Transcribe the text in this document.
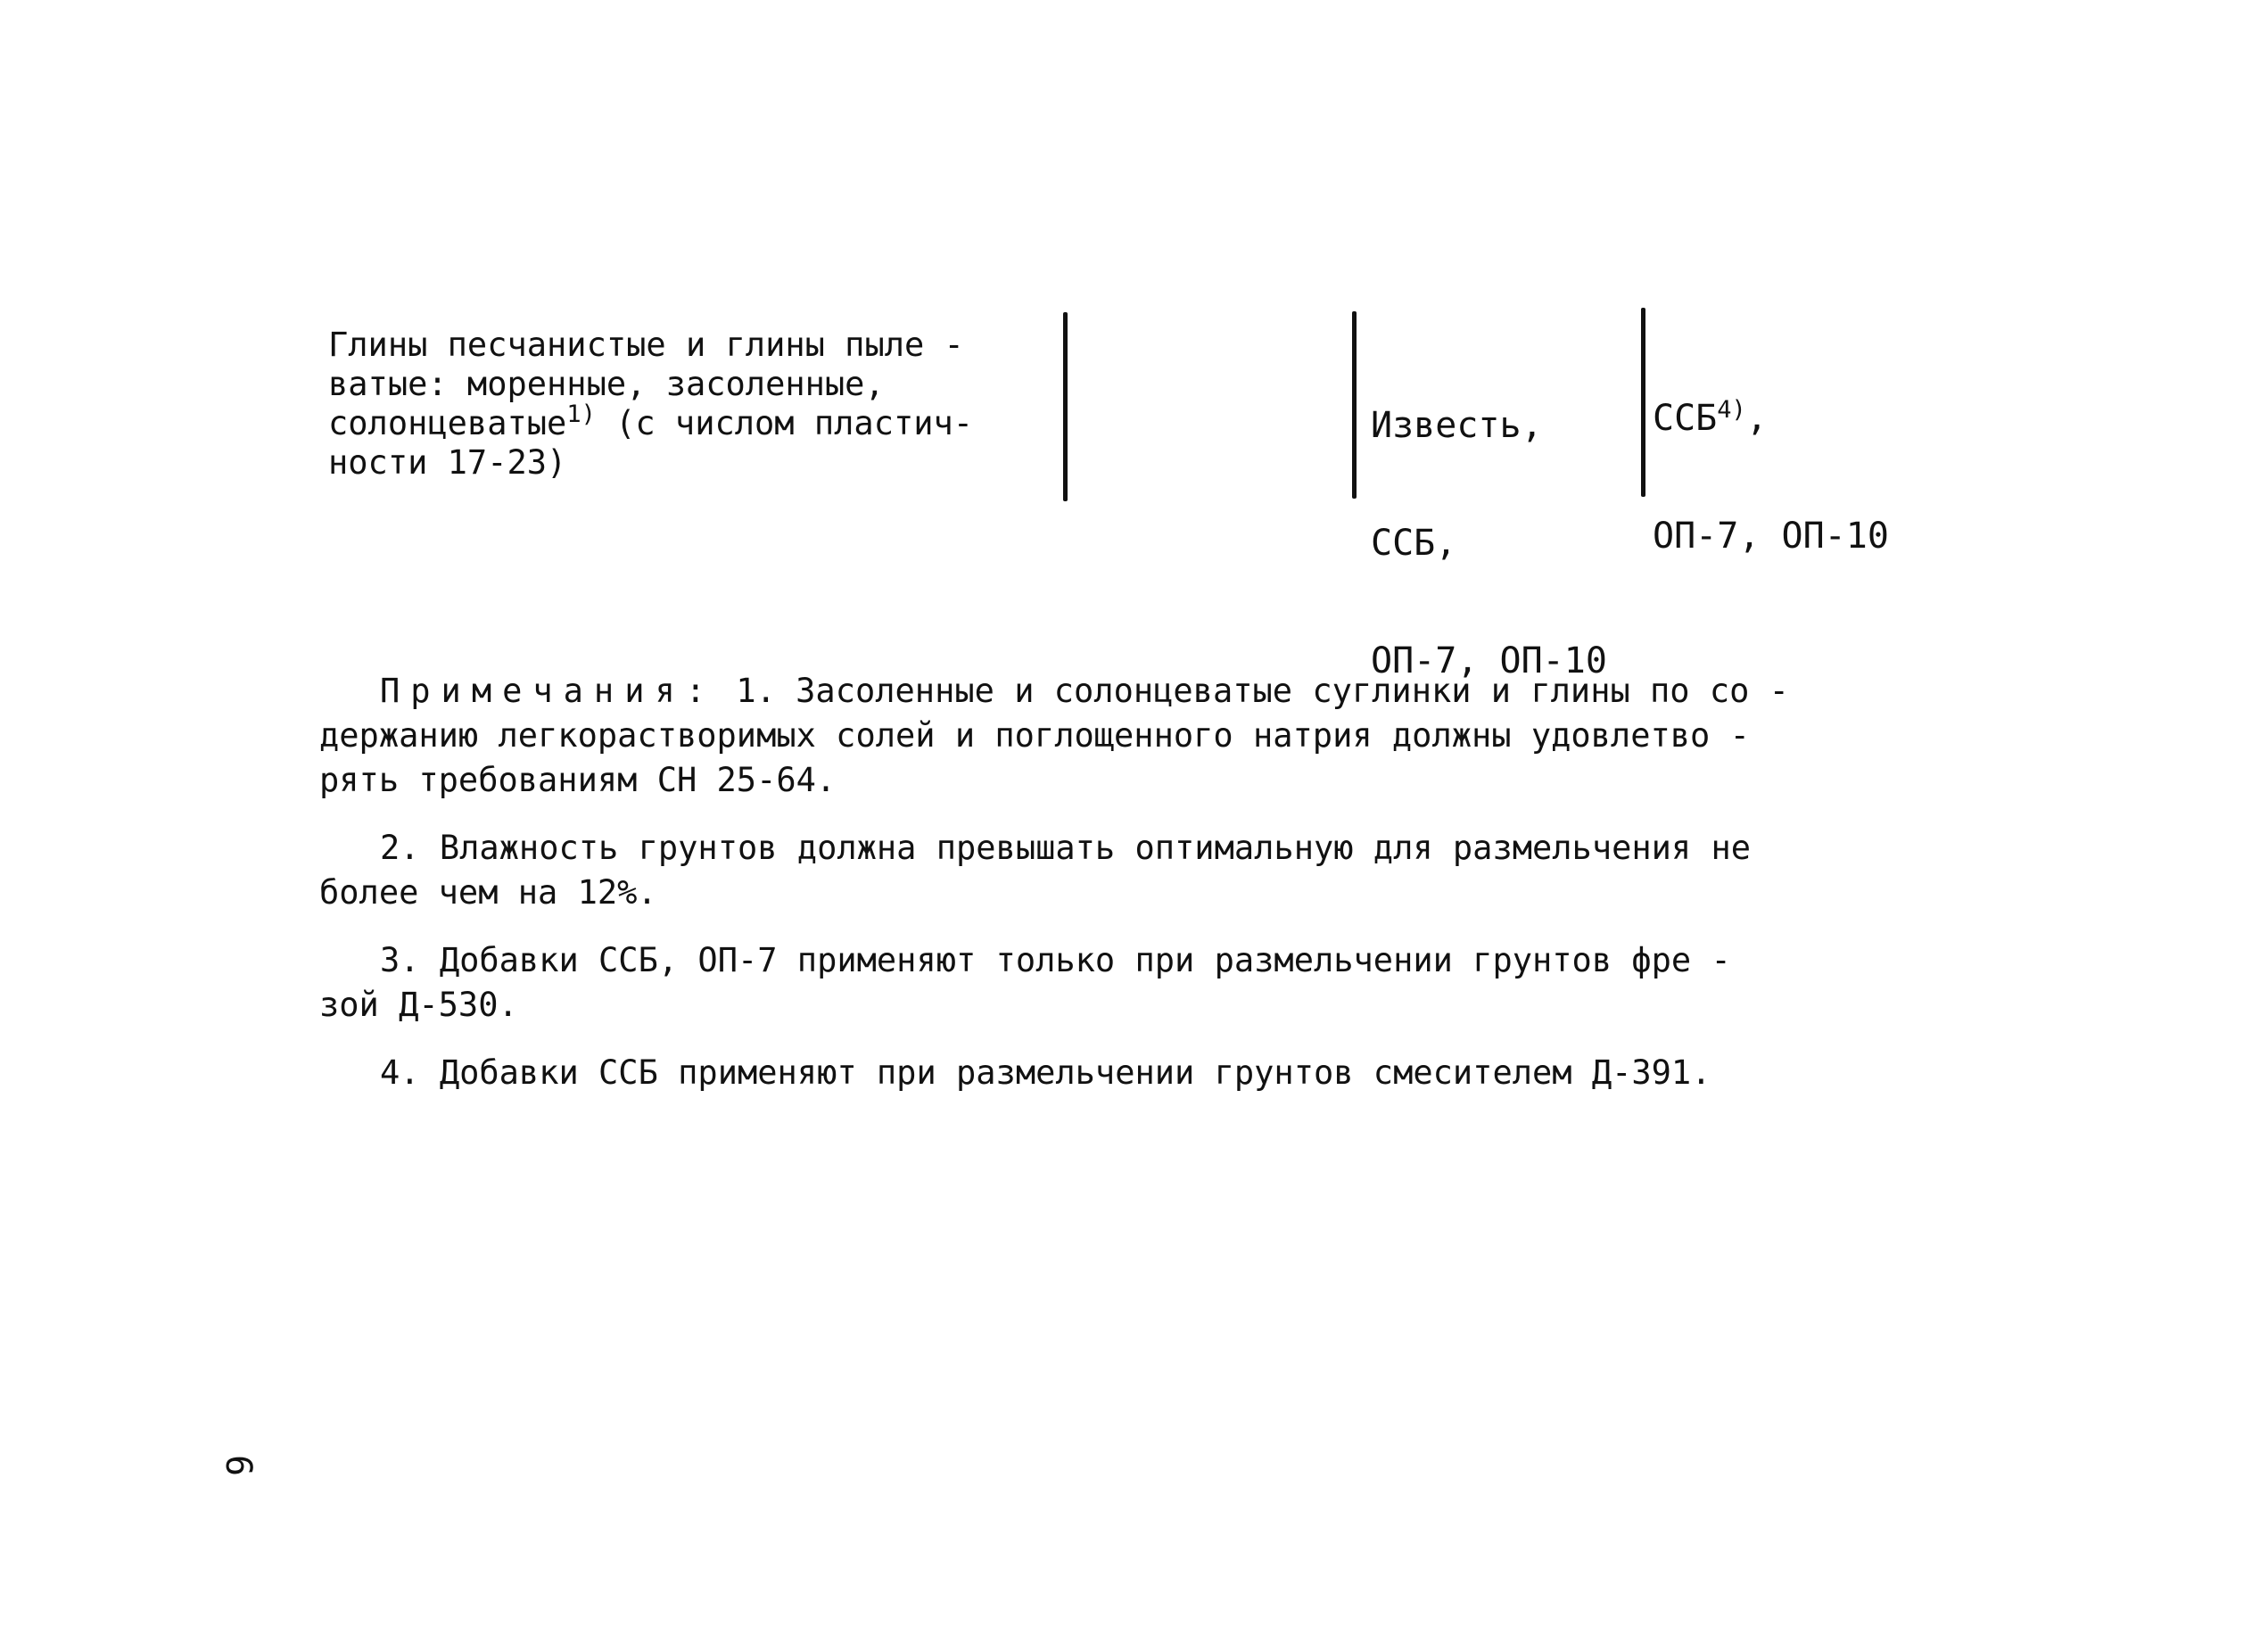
Глины песчанистые и глины пыле -
ватые: моренные, засоленные,
солонцеватые$^{1)}$ (с числом пластич-
ности 17-23)

Известь,

ССБ,

ОП-7, ОП-10

ССБ$^{4)}$,

ОП-7, ОП-10

Примечания: 1. Засоленные и солонцеватые суглинки и глины по со -
держанию легкорастворимых солей и поглощенного натрия должны удовлетво -
рять требованиям СН 25-64.
2. Влажность грунтов должна превышать оптимальную для размельчения не
более чем на 12%.
3. Добавки ССБ, ОП-7 применяют только при размельчении грунтов фре -
зой Д-530.
4. Добавки ССБ применяют при размельчении грунтов смесителем Д-391.
6
